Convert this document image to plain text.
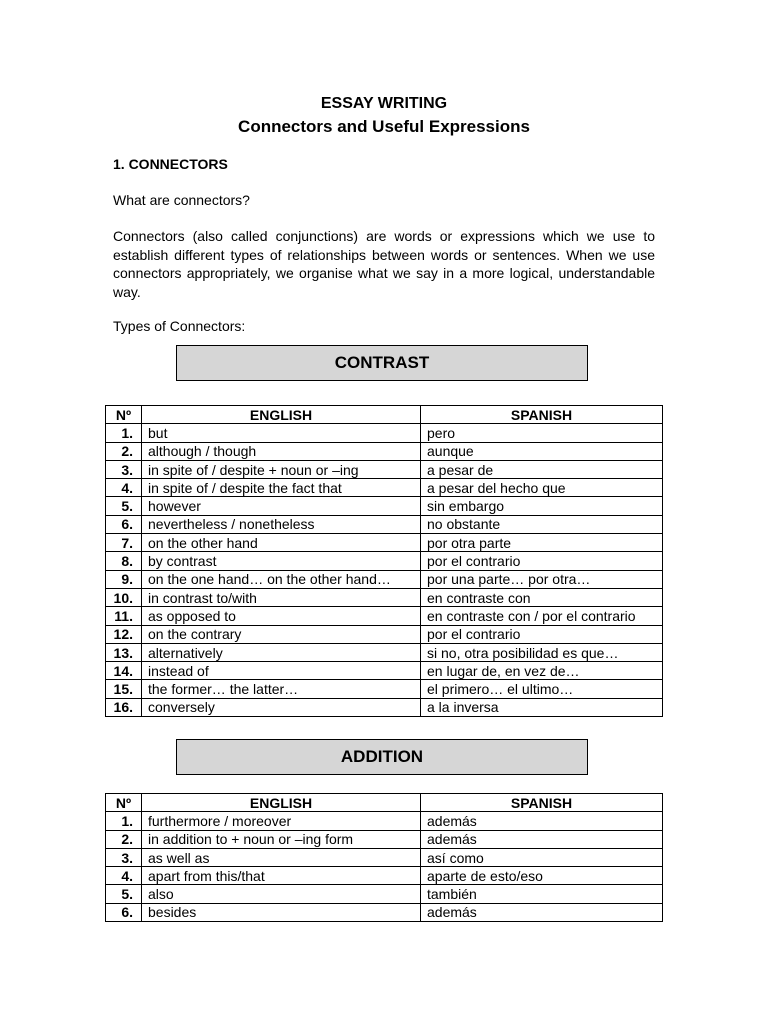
ESSAY WRITING
Connectors and Useful Expressions
1. CONNECTORS
What are connectors?
Connectors (also called conjunctions) are words or expressions which we use to establish different types of relationships between words or sentences. When we use connectors appropriately, we organise what we say in a more logical, understandable way.
Types of Connectors:
CONTRAST
Nº	ENGLISH	SPANISH
1.	but	pero
2.	although / though	aunque
3.	in spite of / despite + noun or –ing	a pesar de
4.	in spite of / despite the fact that	a pesar del hecho que
5.	however	sin embargo
6.	nevertheless / nonetheless	no obstante
7.	on the other hand	por otra parte
8.	by contrast	por el contrario
9.	on the one hand… on the other hand…	por una parte… por otra…
10.	in contrast to/with	en contraste con
11.	as opposed to	en contraste con / por el contrario
12.	on the contrary	por el contrario
13.	alternatively	si no, otra posibilidad es que…
14.	instead of	en lugar de, en vez de…
15.	the former… the latter…	el primero… el ultimo…
16.	conversely	a la inversa
ADDITION
Nº	ENGLISH	SPANISH
1.	furthermore / moreover	además
2.	in addition to + noun or –ing form	además
3.	as well as	así como
4.	apart from this/that	aparte de esto/eso
5.	also	también
6.	besides	además
